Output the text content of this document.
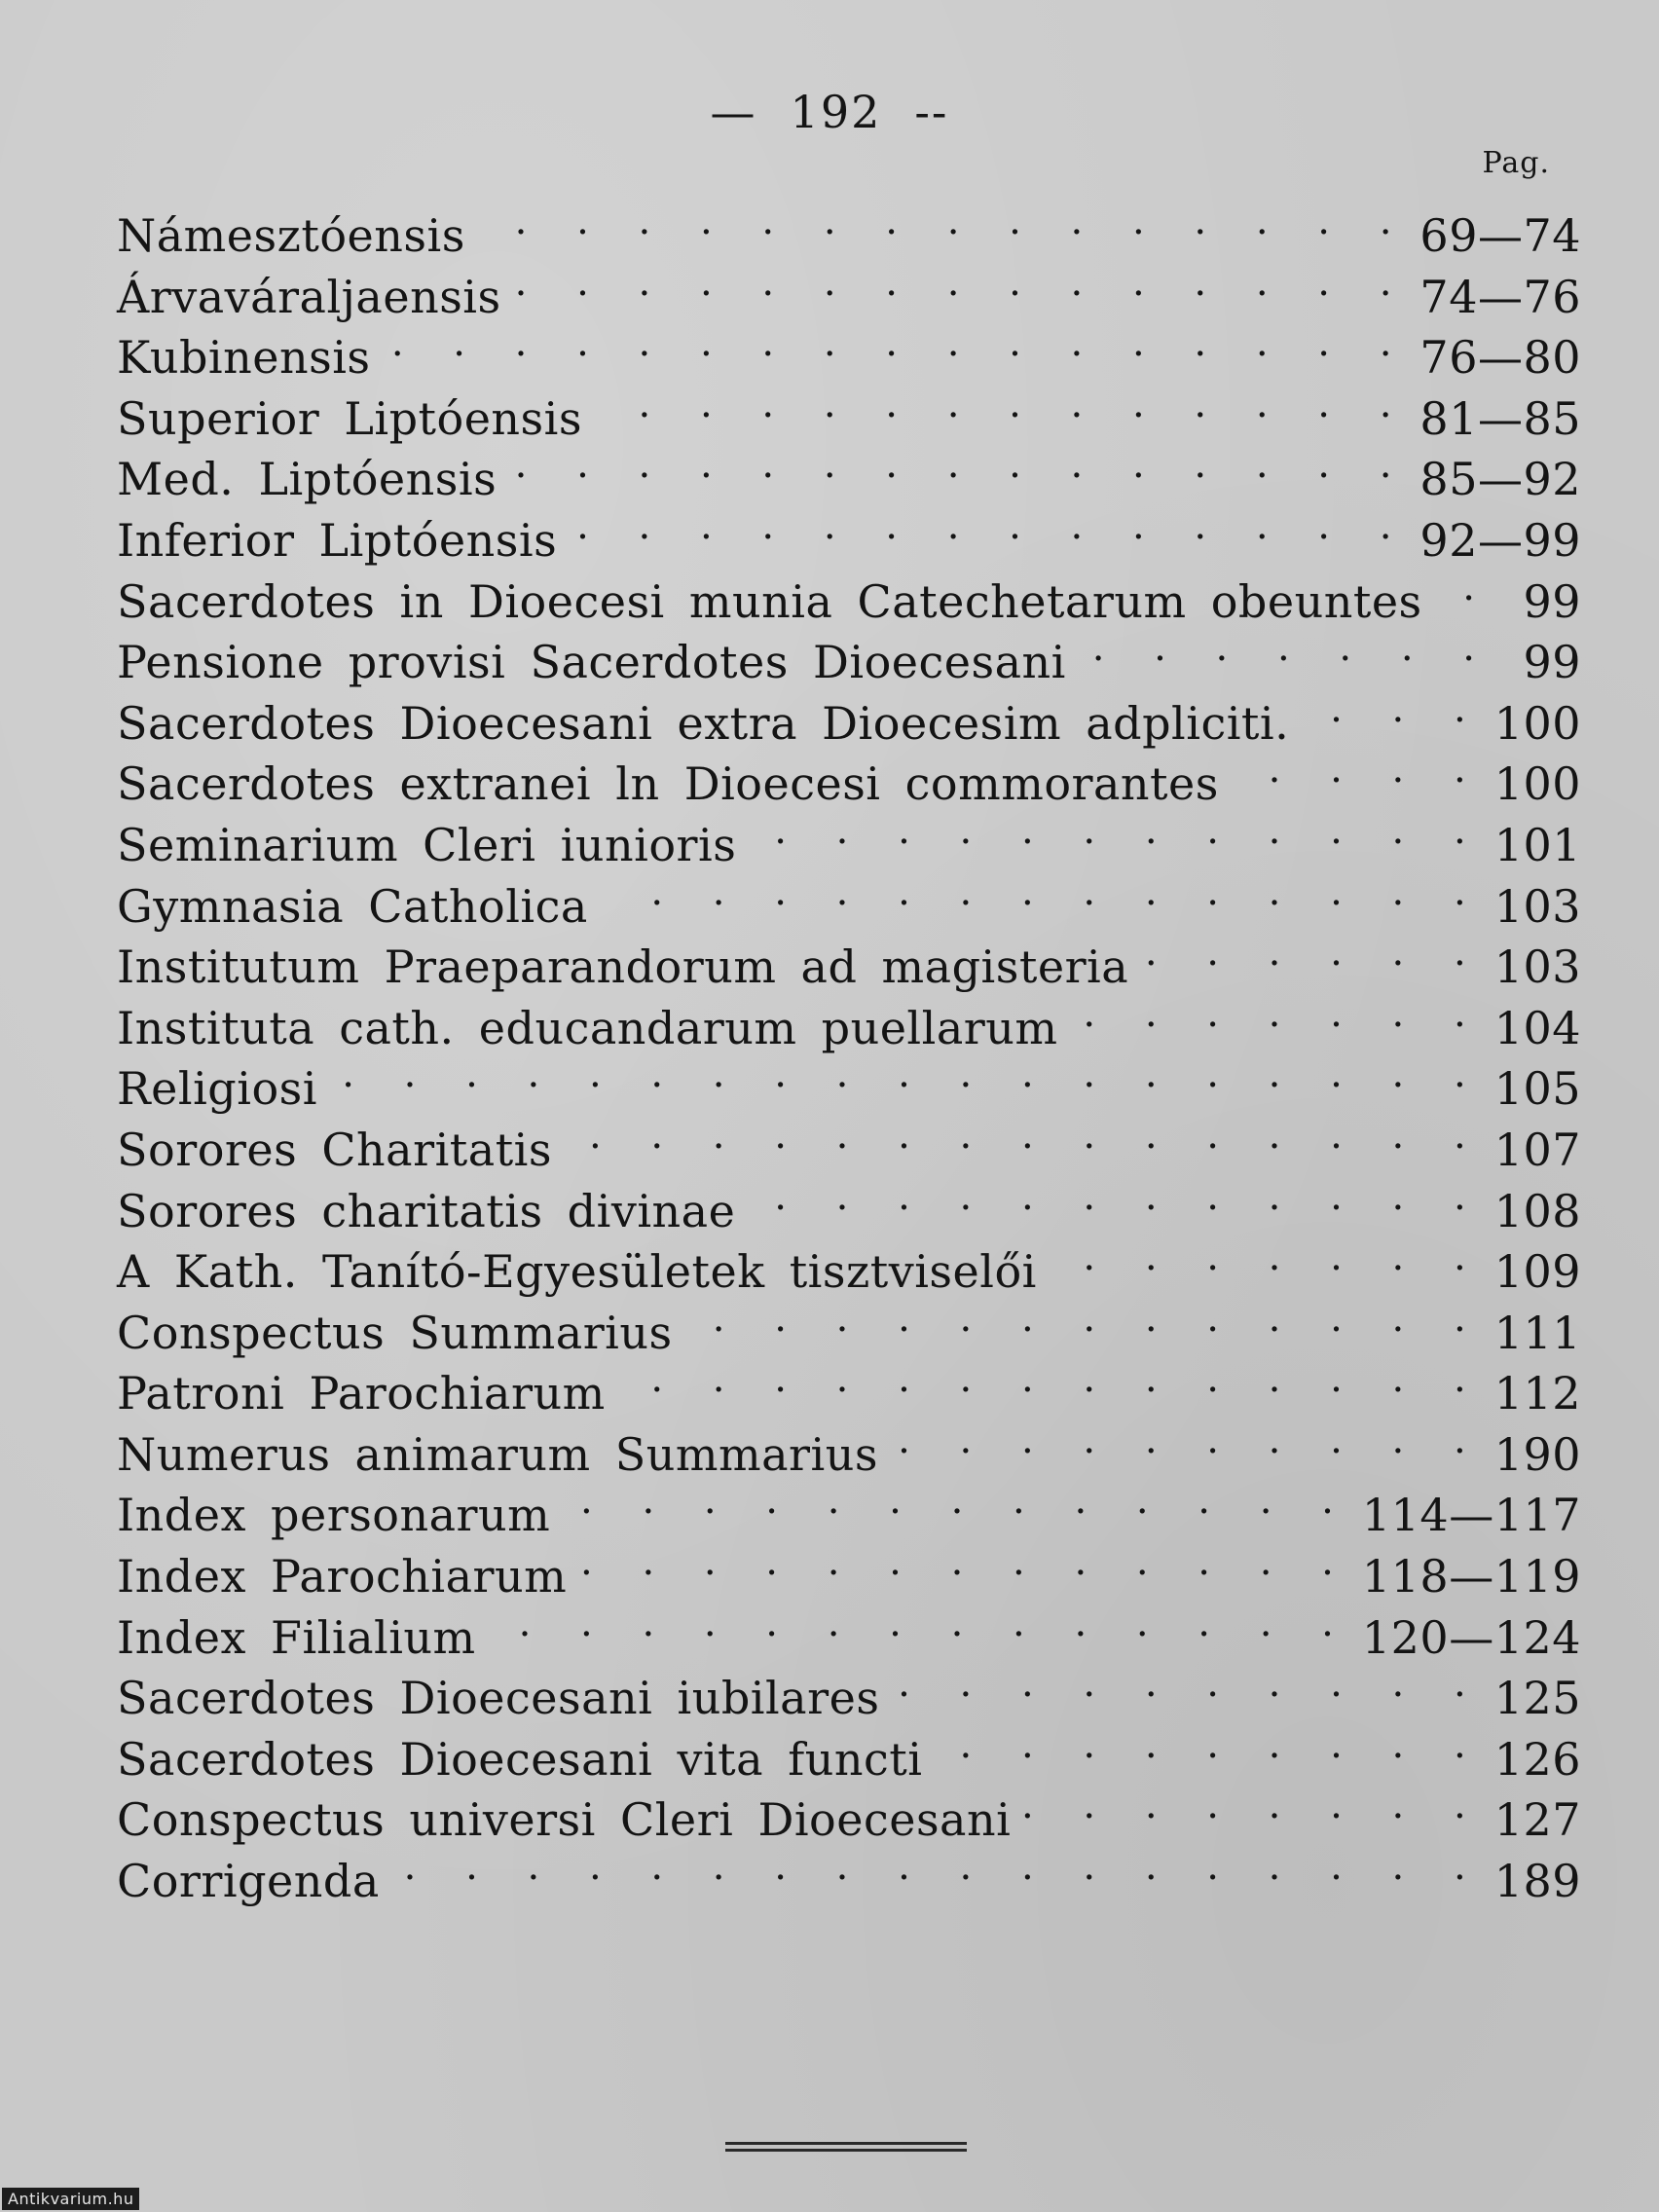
— 192 --
Pag.
Námesztóensis . . .	69—74
Árvaváraljaensis . . .	74—76
Kubinensis . . .	76—80
Superior Liptóensis . . .	81—85
Med. Liptóensis . . .	85—92
Inferior Liptóensis . . .	92—99
Sacerdotes in Dioecesi munia Catechetarum obeuntes . . .	99
Pensione provisi Sacerdotes Dioecesani . . .	99
Sacerdotes Dioecesani extra Dioecesim adpliciti. . . .	100
Sacerdotes extranei ln Dioecesi commorantes . . .	100
Seminarium Cleri iunioris . . .	101
Gymnasia Catholica . . .	103
Institutum Praeparandorum ad magisteria . . .	103
Instituta cath. educandarum puellarum . . .	104
Religiosi . . .	105
Sorores Charitatis . . .	107
Sorores charitatis divinae . . .	108
A Kath. Tanító-Egyesületek tisztviselői . . .	109
Conspectus Summarius . . .	111
Patroni Parochiarum . . .	112
Numerus animarum Summarius . . .	190
Index personarum . . .	114—117
Index Parochiarum . . .	118—119
Index Filialium . . .	120—124
Sacerdotes Dioecesani iubilares . . .	125
Sacerdotes Dioecesani vita functi . . .	126
Conspectus universi Cleri Dioecesani . . .	127
Corrigenda . . .	189
Antikvarium.hu
